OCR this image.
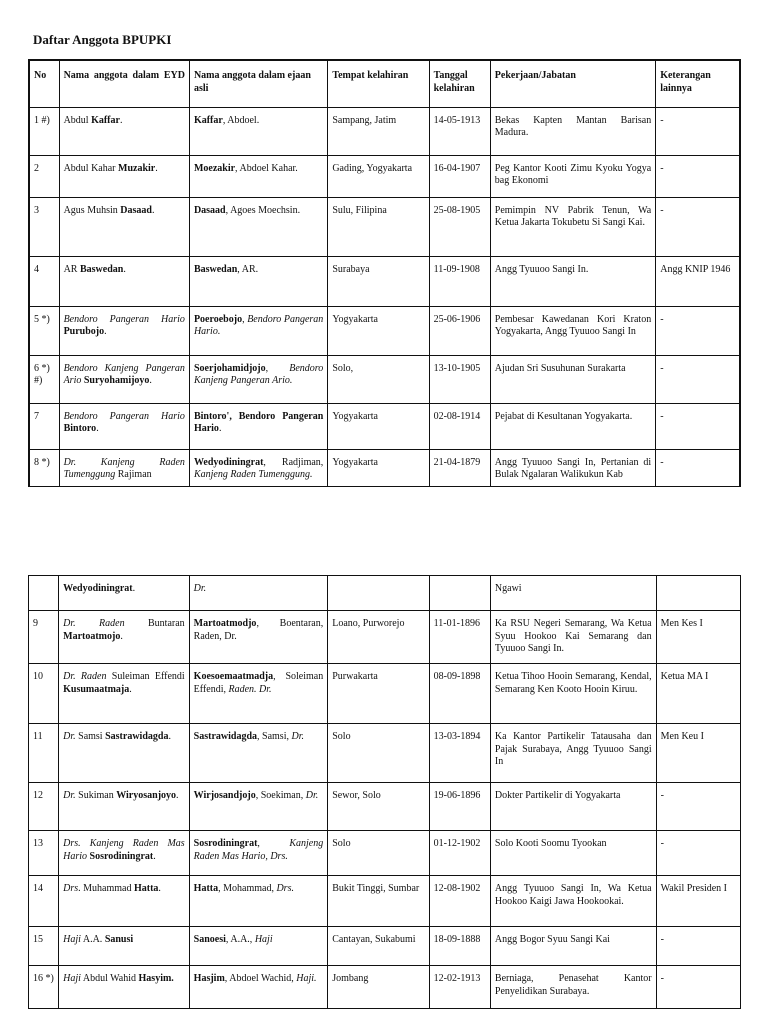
Daftar Anggota BPUPKI
No	Nama anggota dalam EYD	Nama anggota dalam ejaan asli	Tempat kelahiran	Tanggal kelahiran	Pekerjaan/Jabatan	Keterangan lainnya
1 #)	Abdul Kaffar.	Kaffar, Abdoel.	Sampang, Jatim	14-05-1913	Bekas Kapten Mantan Barisan Madura.	-
2	Abdul Kahar Muzakir.	Moezakir, Abdoel Kahar.	Gading, Yogyakarta	16-04-1907	Peg Kantor Kooti Zimu Kyoku Yogya bag Ekonomi	-
3	Agus Muhsin Dasaad.	Dasaad, Agoes Moechsin.	Sulu, Filipina	25-08-1905	Pemimpin NV Pabrik Tenun, Wa Ketua Jakarta Tokubetu Si Sangi Kai.	-
4	AR Baswedan.	Baswedan, AR.	Surabaya	11-09-1908	Angg Tyuuoo Sangi In.	Angg KNIP 1946
5 *)	Bendoro Pangeran Hario Purubojo.	Poeroebojo, Bendoro Pangeran Hario.	Yogyakarta	25-06-1906	Pembesar Kawedanan Kori Kraton Yogyakarta, Angg Tyuuoo Sangi In	-
6 *) #)	Bendoro Kanjeng Pangeran Ario Suryohamijoyo.	Soerjohamidjojo, Bendoro Kanjeng Pangeran Ario.	Solo,	13-10-1905	Ajudan Sri Susuhunan Surakarta	-
7	Bendoro Pangeran Hario Bintoro.	Bintoro', Bendoro Pangeran Hario.	Yogyakarta	02-08-1914	Pejabat di Kesultanan Yogyakarta.	-
8 *)	Dr. Kanjeng Raden Tumenggung Rajiman	Wedyodiningrat, Radjiman, Kanjeng Raden Tumenggung.	Yogyakarta	21-04-1879	Angg Tyuuoo Sangi In, Pertanian di Bulak Ngalaran Walikukun Kab	-
	Wedyodiningrat.	Dr.			Ngawi	
9	Dr. Raden Buntaran Martoatmojo.	Martoatmodjo, Boentaran, Raden, Dr.	Loano, Purworejo	11-01-1896	Ka RSU Negeri Semarang, Wa Ketua Syuu Hookoo Kai Semarang dan Tyuuoo Sangi In.	Men Kes I
10	Dr. Raden Suleiman Effendi Kusumaatmaja.	Koesoemaatmadja, Soleiman Effendi, Raden. Dr.	Purwakarta	08-09-1898	Ketua Tihoo Hooin Semarang, Kendal, Semarang Ken Kooto Hooin Kiruu.	Ketua MA I
11	Dr. Samsi Sastrawidagda.	Sastrawidagda, Samsi, Dr.	Solo	13-03-1894	Ka Kantor Partikelir Tatausaha dan Pajak Surabaya, Angg Tyuuoo Sangi In	Men Keu I
12	Dr. Sukiman Wiryosanjoyo.	Wirjosandjojo, Soekiman, Dr.	Sewor, Solo	19-06-1896	Dokter Partikelir di Yogyakarta	-
13	Drs. Kanjeng Raden Mas Hario Sosrodiningrat.	Sosrodiningrat, Kanjeng Raden Mas Hario, Drs.	Solo	01-12-1902	Solo Kooti Soomu Tyookan	-
14	Drs. Muhammad Hatta.	Hatta, Mohammad, Drs.	Bukit Tinggi, Sumbar	12-08-1902	Angg Tyuuoo Sangi In, Wa Ketua Hookoo Kaigi Jawa Hookookai.	Wakil Presiden I
15	Haji A.A. Sanusi	Sanoesi, A.A., Haji	Cantayan, Sukabumi	18-09-1888	Angg Bogor Syuu Sangi Kai	-
16 *)	Haji Abdul Wahid Hasyim.	Hasjim, Abdoel Wachid, Haji.	Jombang	12-02-1913	Berniaga, Penasehat Kantor Penyelidikan Surabaya.	-
